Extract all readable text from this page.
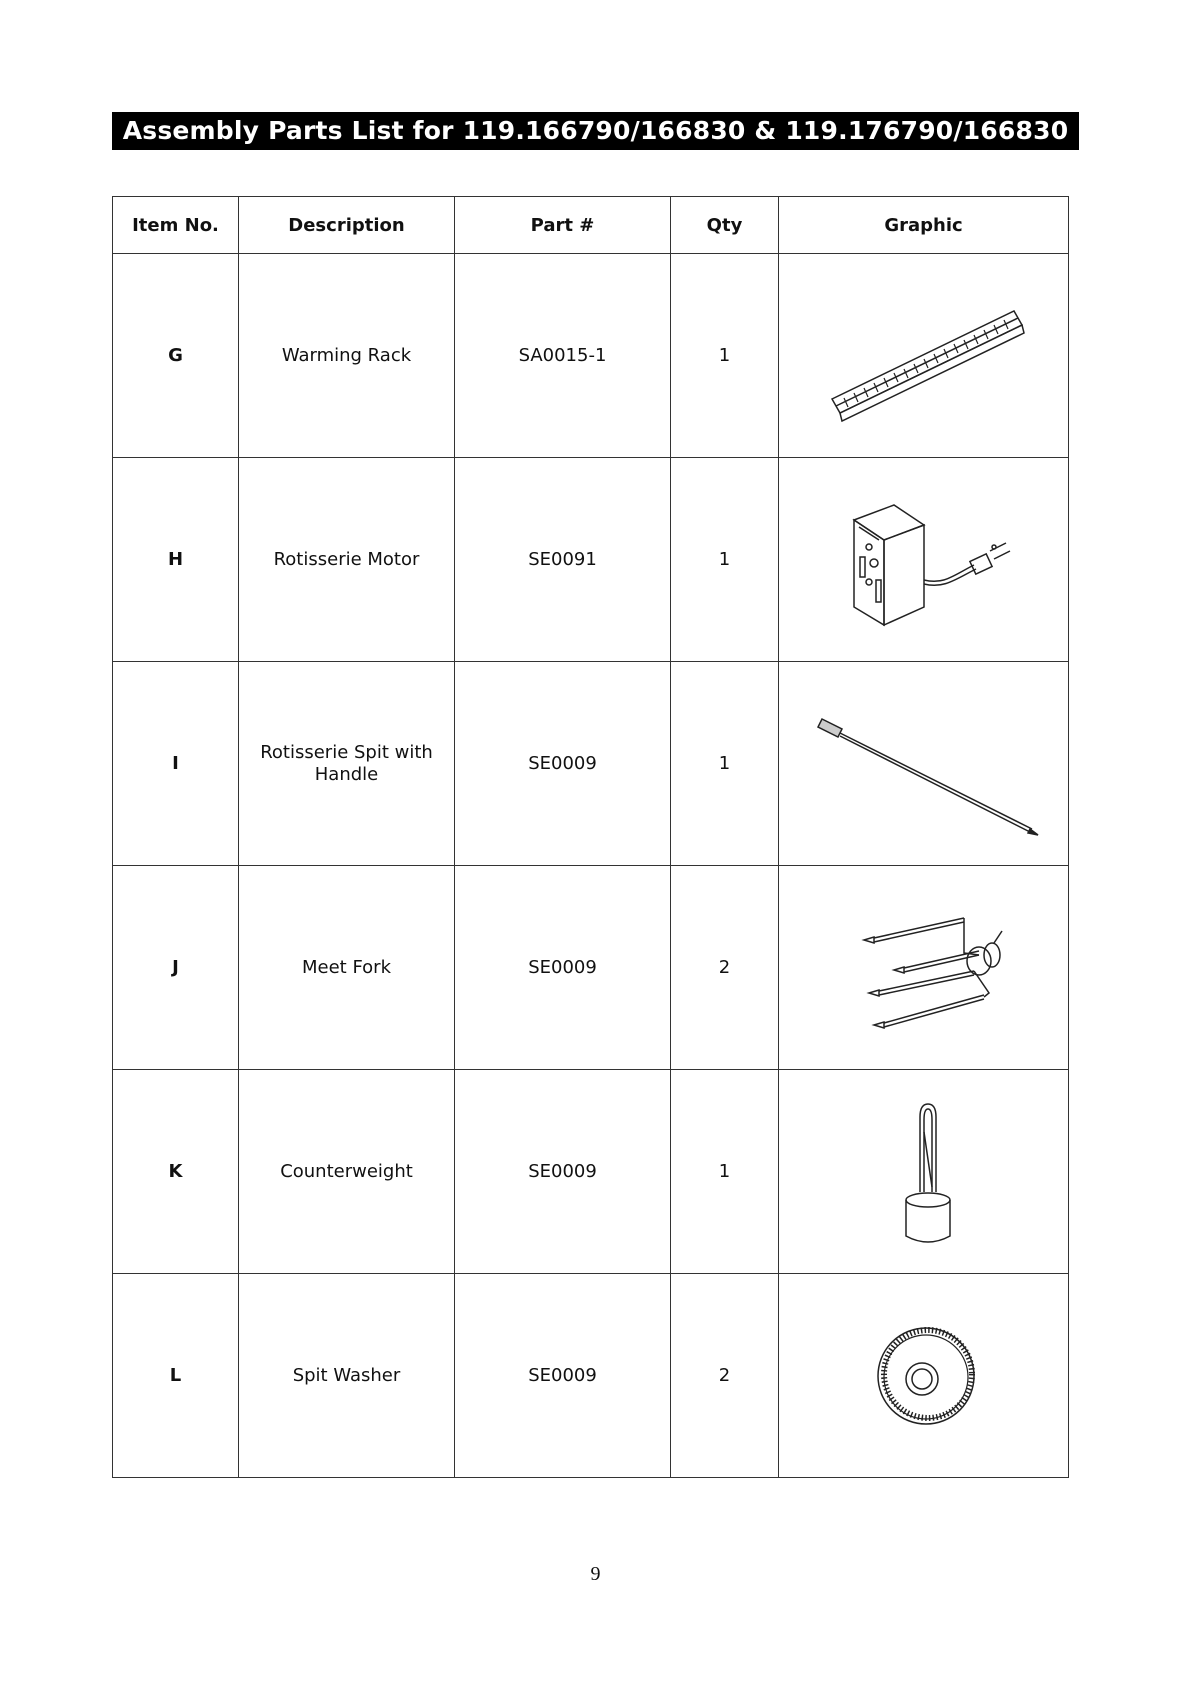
Assembly Parts List for 119.166790/166830 & 119.176790/166830
Item No.	Description	Part #	Qty	Graphic
G	Warming Rack	SA0015-1	1	

H	Rotisserie Motor	SE0091	1	

I	Rotisserie Spit with Handle	SE0009	1	

J	Meet Fork	SE0009	2	

K	Counterweight	SE0009	1	

L	Spit Washer	SE0009	2	
9
